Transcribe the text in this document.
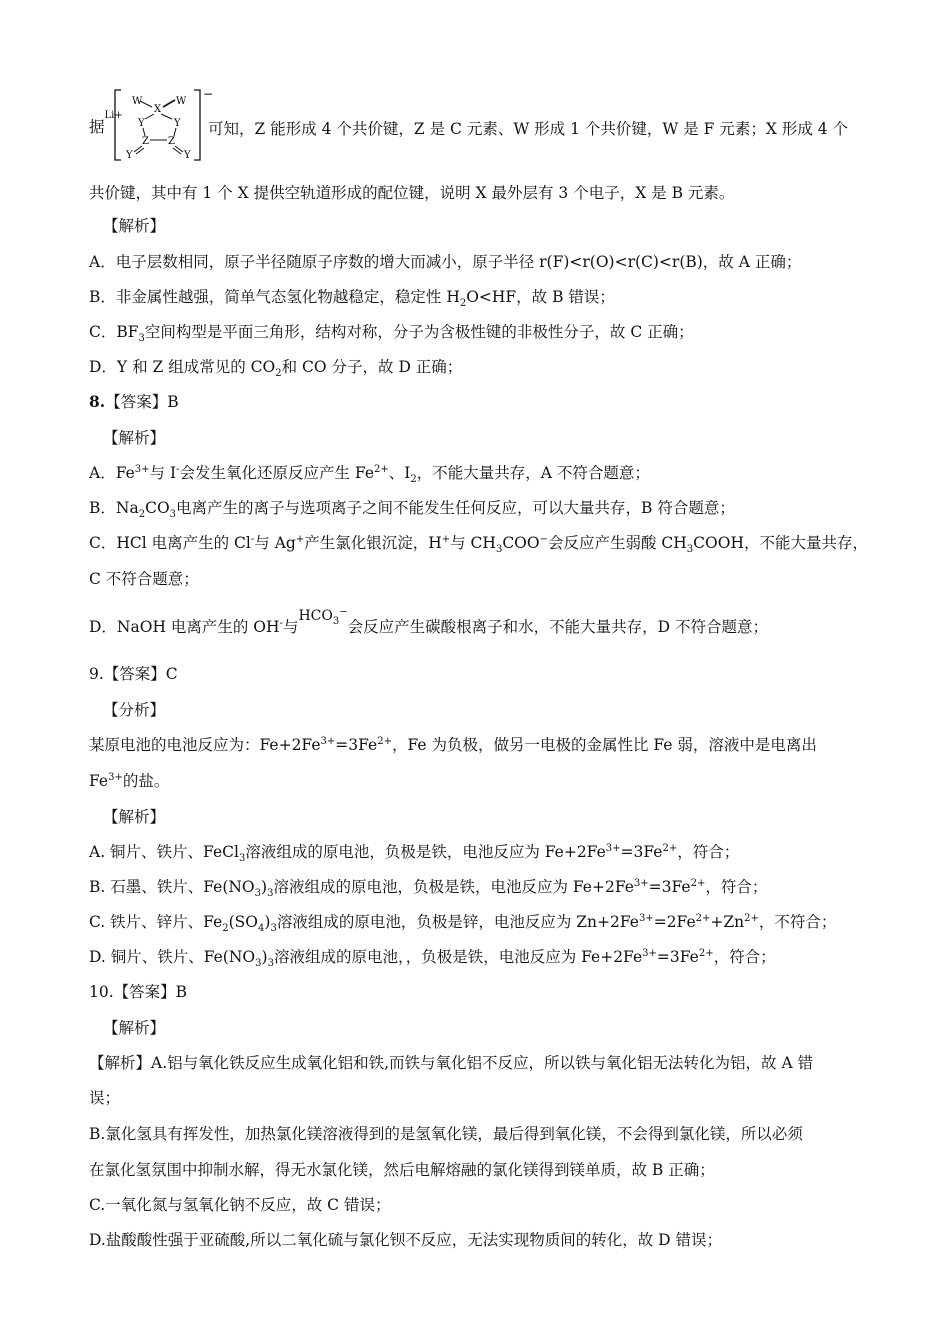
据$^{Li+}$
−
W
X
W
Y	Y
Z Z
Y	Y
可知，Z 能形成 4 个共价键，Z 是 C 元素、W 形成 1 个共价键，W 是 F 元素；X 形成 4 个
共价键，其中有 1 个 X 提供空轨道形成的配位键，说明 X 最外层有 3 个电子，X 是 B 元素。
【解析】
A．电子层数相同，原子半径随原子序数的增大而减小，原子半径 r(F)<r(O)<r(C)<r(B)，故 A 正确；
B．非金属性越强，简单气态氢化物越稳定，稳定性 $H_2O<HF$，故 B 错误；
C．$BF_3$空间构型是平面三角形，结构对称，分子为含极性键的非极性分子，故 C 正确；
D．Y 和 Z 组成常见的 $CO_2$和 CO 分子，故 D 正确；
8.【答案】B
【解析】
A．$Fe^{3+}$与 I-会发生氧化还原反应产生 $Fe^{2+}$、$I_2$，不能大量共存，A 不符合题意；
B．$Na_2CO_3$电离产生的离子与选项离子之间不能发生任何反应，可以大量共存，B 符合题意；
C．HCl 电离产生的 Cl-与 Ag+产生氯化银沉淀，H+与 $CH_3COO^-$会反应产生弱酸 $CH_3COOH$，不能大量共存，
C 不符合题意；
D．NaOH 电离产生的 OH-与$HCO_3^-$会反应产生碳酸根离子和水，不能大量共存，D 不符合题意；
9.【答案】C
【分析】
某原电池的电池反应为：$Fe+2Fe^{3+}=3Fe^{2+}$，Fe 为负极，做另一电极的金属性比 Fe 弱，溶液中是电离出
$Fe^{3+}$的盐。
【解析】
A. 铜片、铁片、FeCl$_3$溶液组成的原电池，负极是铁，电池反应为 $Fe+2Fe^{3+}=3Fe^{2+}$，符合；
B. 石墨、铁片、$Fe(NO_3)_3$溶液组成的原电池，负极是铁，电池反应为 $Fe+2Fe^{3+}=3Fe^{2+}$，符合；
C. 铁片、锌片、$Fe_2(SO_4)_3$溶液组成的原电池，负极是锌，电池反应为 $Zn+2Fe^{3+}=2Fe^{2+}+Zn^{2+}$，不符合；
D. 铜片、铁片、$Fe(NO_3)_3$溶液组成的原电池，，负极是铁，电池反应为 $Fe+2Fe^{3+}=3Fe^{2+}$，符合；
10.【答案】B
【解析】
【解析】A.铝与氧化铁反应生成氧化铝和铁,而铁与氧化铝不反应，所以铁与氧化铝无法转化为铝，故 A 错
误；
B.氯化氢具有挥发性，加热氯化镁溶液得到的是氢氧化镁，最后得到氧化镁，不会得到氯化镁，所以必须
在氯化氢氛围中抑制水解，得无水氯化镁，然后电解熔融的氯化镁得到镁单质，故 B 正确；
C.一氧化氮与氢氧化钠不反应，故 C 错误；
D.盐酸酸性强于亚硫酸,所以二氧化硫与氯化钡不反应，无法实现物质间的转化，故 D 错误；
